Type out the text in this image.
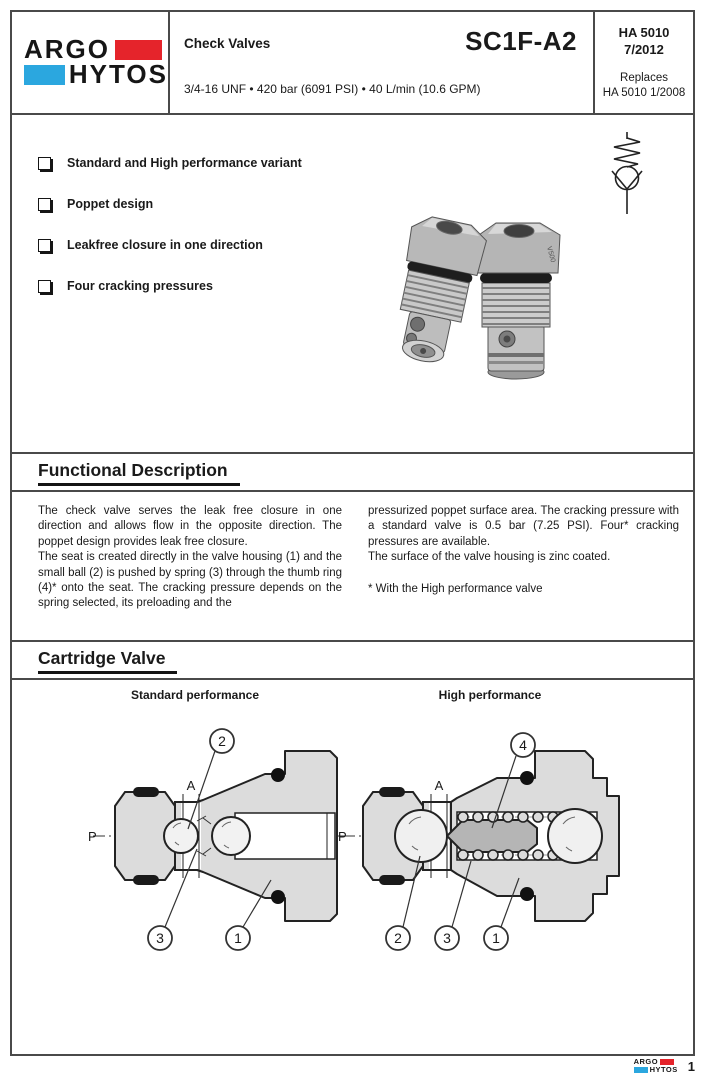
ARGO
HYTOS
Check Valves	SC1F-A2
3/4-16 UNF • 420 bar (6091 PSI) • 40 L/min (10.6 GPM)
HA 5010
7/2012
Replaces
HA 5010 1/2008
Standard and High performance variant
Poppet design
Leakfree closure in one direction
Four cracking pressures
V500
Functional Description

The check valve serves the leak free closure in one direction and allows flow in the opposite direction. The poppet design provides leak free closure.

The seat is created directly in the valve housing (1) and the small ball (2) is pushed by spring (3) through the thumb ring (4)* onto the seat. The cracking pressure depends on the spring selected, its preloading and the

pressurized poppet surface area. The cracking pressure with a standard valve is 0.5 bar (7.25 PSI). Four* cracking pressures are available.

The surface of the valve housing is zinc coated.

* With the High performance valve

Cartridge Valve
Standard performance	High performance
P
A
2
3	1
P
A
4
2	3	1
ARGO
HYTOS 1
